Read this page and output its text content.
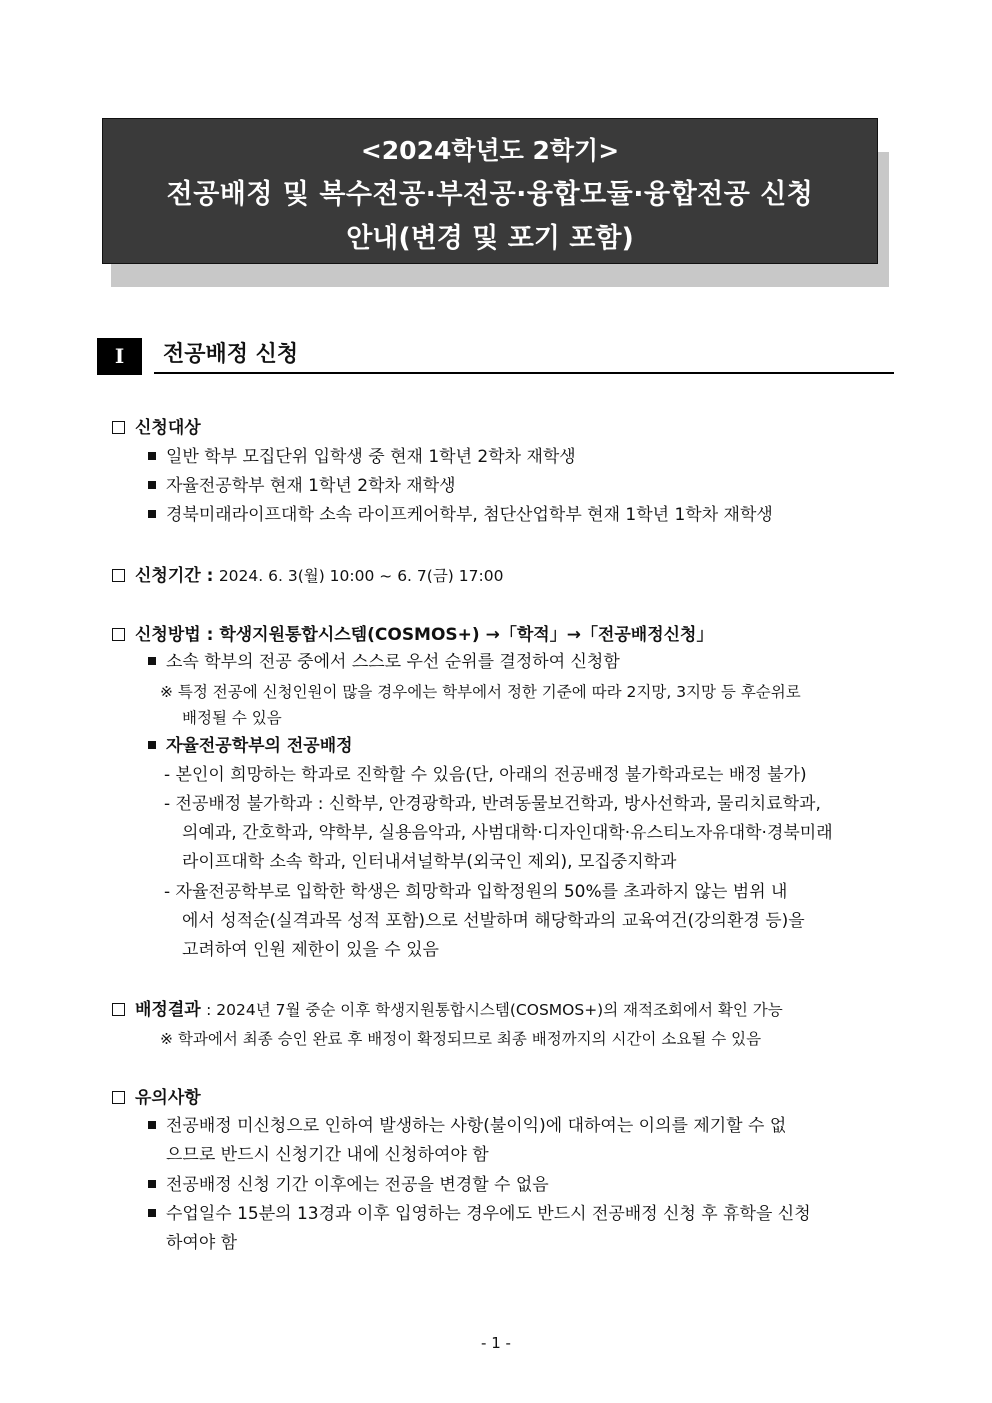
<2024학년도 2학기>
전공배정 및 복수전공·부전공·융합모듈·융합전공 신청
안내(변경 및 포기 포함)
I	전공배정 신청
신청대상
일반 학부 모집단위 입학생 중 현재 1학년 2학차 재학생
자율전공학부 현재 1학년 2학차 재학생
경북미래라이프대학 소속 라이프케어학부, 첨단산업학부 현재 1학년 1학차 재학생
신청기간 : 2024. 6. 3(월) 10:00 ~ 6. 7(금) 17:00
신청방법 : 학생지원통합시스템(COSMOS+) →「학적」→「전공배정신청」
소속 학부의 전공 중에서 스스로 우선 순위를 결정하여 신청함
※ 특정 전공에 신청인원이 많을 경우에는 학부에서 정한 기준에 따라 2지망, 3지망 등 후순위로
배정될 수 있음
자율전공학부의 전공배정
- 본인이 희망하는 학과로 진학할 수 있음(단, 아래의 전공배정 불가학과로는 배정 불가)
- 전공배정 불가학과 : 신학부, 안경광학과, 반려동물보건학과, 방사선학과, 물리치료학과,
의예과, 간호학과, 약학부, 실용음악과, 사범대학·디자인대학·유스티노자유대학·경북미래
라이프대학 소속 학과, 인터내셔널학부(외국인 제외), 모집중지학과
- 자율전공학부로 입학한 학생은 희망학과 입학정원의 50%를 초과하지 않는 범위 내
에서 성적순(실격과목 성적 포함)으로 선발하며 해당학과의 교육여건(강의환경 등)을
고려하여 인원 제한이 있을 수 있음
배정결과 : 2024년 7월 중순 이후 학생지원통합시스템(COSMOS+)의 재적조회에서 확인 가능
※ 학과에서 최종 승인 완료 후 배정이 확정되므로 최종 배정까지의 시간이 소요될 수 있음
유의사항
전공배정 미신청으로 인하여 발생하는 사항(불이익)에 대하여는 이의를 제기할 수 없
으므로 반드시 신청기간 내에 신청하여야 함
전공배정 신청 기간 이후에는 전공을 변경할 수 없음
수업일수 15분의 13경과 이후 입영하는 경우에도 반드시 전공배정 신청 후 휴학을 신청
하여야 함
- 1 -
